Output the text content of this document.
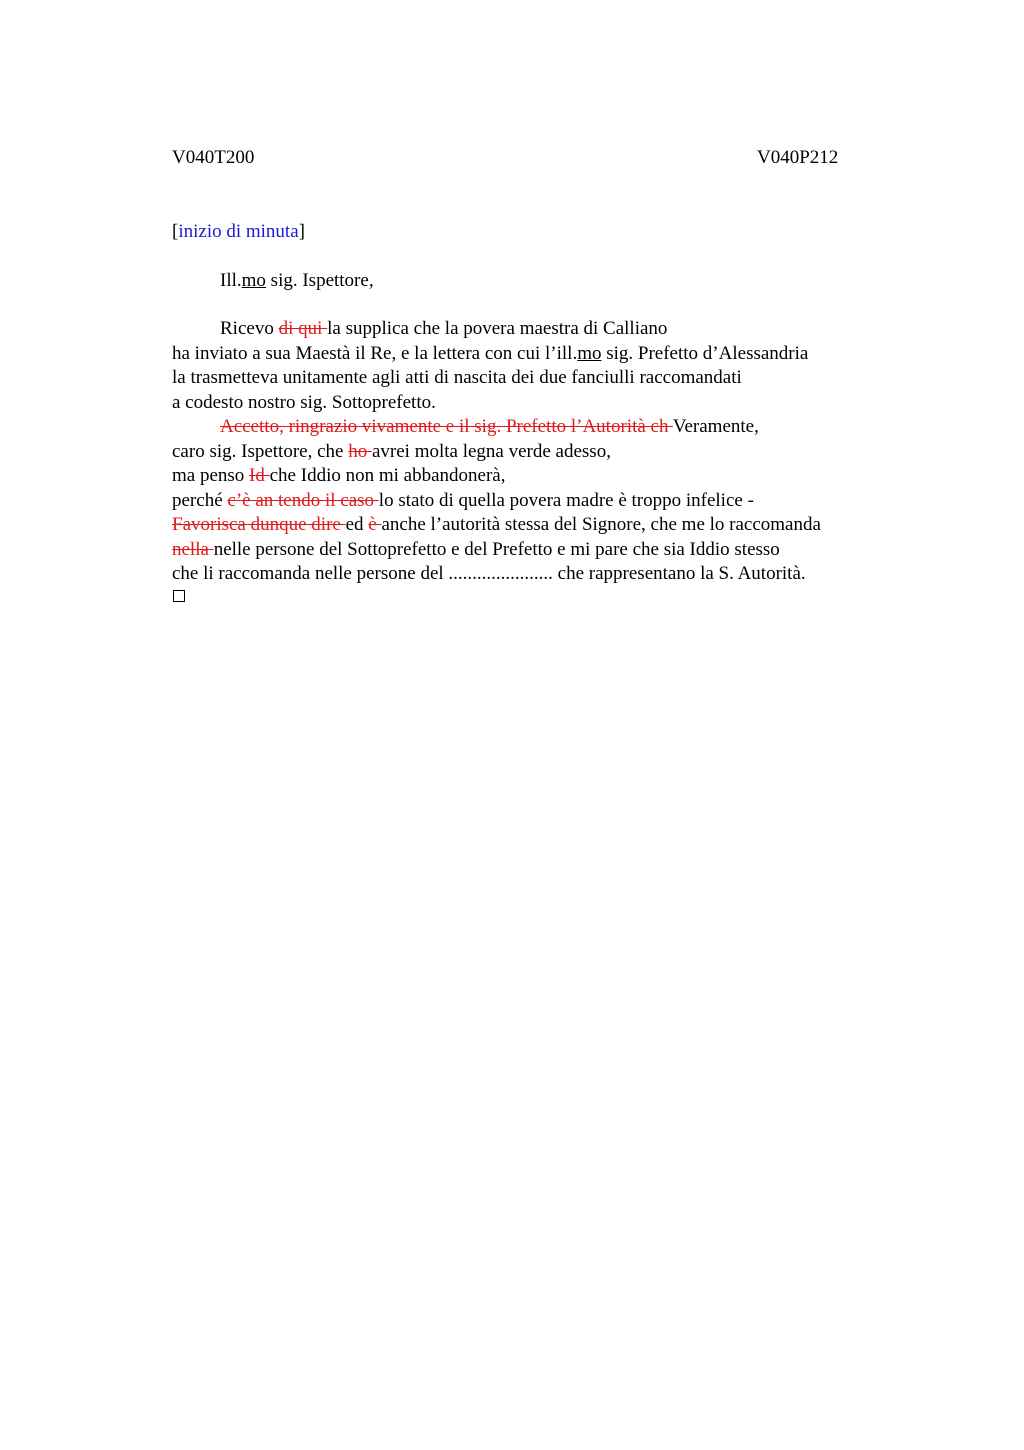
V040T200	V040P212
[inizio di minuta]
Ill.mo sig. Ispettore,
Ricevo di qui la supplica che la povera maestra di Calliano
ha inviato a sua Maestà il Re, e la lettera con cui l’ill.mo sig. Prefetto d’Alessandria
la trasmetteva unitamente agli atti di nascita dei due fanciulli raccomandati
a codesto nostro sig. Sottoprefetto.
Accetto, ringrazio vivamente e il sig. Prefetto l’Autorità ch Veramente,
caro sig. Ispettore, che ho avrei molta legna verde adesso,
ma penso Id che Iddio non mi abbandonerà,
perché c’è an tendo il caso lo stato di quella povera madre è troppo infelice -
Favorisca dunque dire ed è anche l’autorità stessa del Signore, che me lo raccomanda
nella nelle persone del Sottoprefetto e del Prefetto e mi pare che sia Iddio stesso
che li raccomanda nelle persone del ...................... che rappresentano la S. Autorità.
